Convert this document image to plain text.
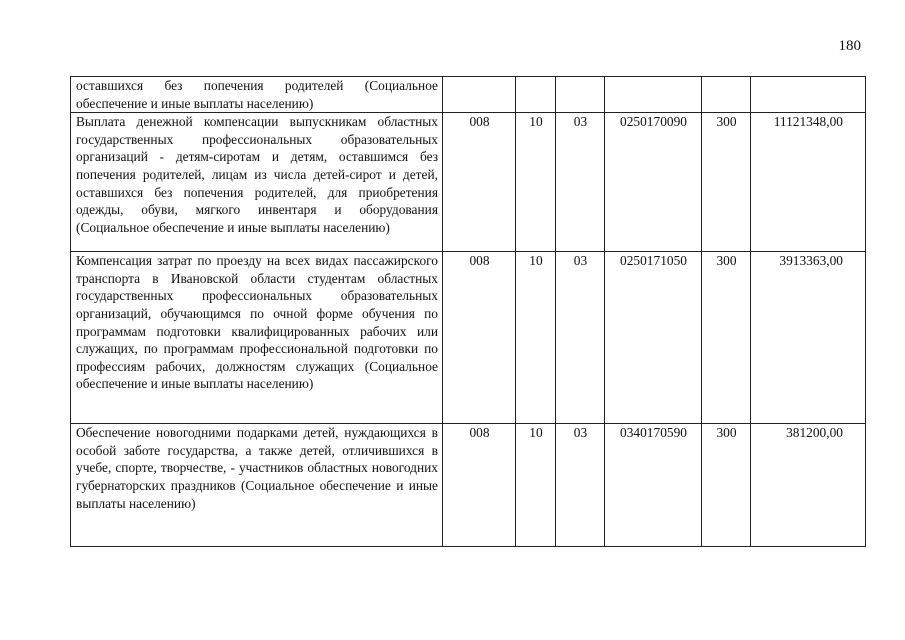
180
оставшихся без попечения родителей (Социальное обеспечение и иные выплаты населению)						
Выплата денежной компенсации выпускникам областных государственных профессиональных образовательных организаций - детям-сиротам и детям, оставшимся без попечения родителей, лицам из числа детей-сирот и детей, оставшихся без попечения родителей, для приобретения одежды, обуви, мягкого инвентаря и оборудования (Социальное обеспечение и иные выплаты населению)	008	10	03	0250170090	300	11121348,00
Компенсация затрат по проезду на всех видах пассажирского транспорта в Ивановской области студентам областных государственных профессиональных образовательных организаций, обучающимся по очной форме обучения по программам подготовки квалифицированных рабочих или служащих, по программам профессиональной подготовки по профессиям рабочих, должностям служащих (Социальное обеспечение и иные выплаты населению)	008	10	03	0250171050	300	3913363,00
Обеспечение новогодними подарками детей, нуждающихся в особой заботе государства, а также детей, отличившихся в учебе, спорте, творчестве, - участников областных новогодних губернаторских праздников (Социальное обеспечение и иные выплаты населению)	008	10	03	0340170590	300	381200,00
